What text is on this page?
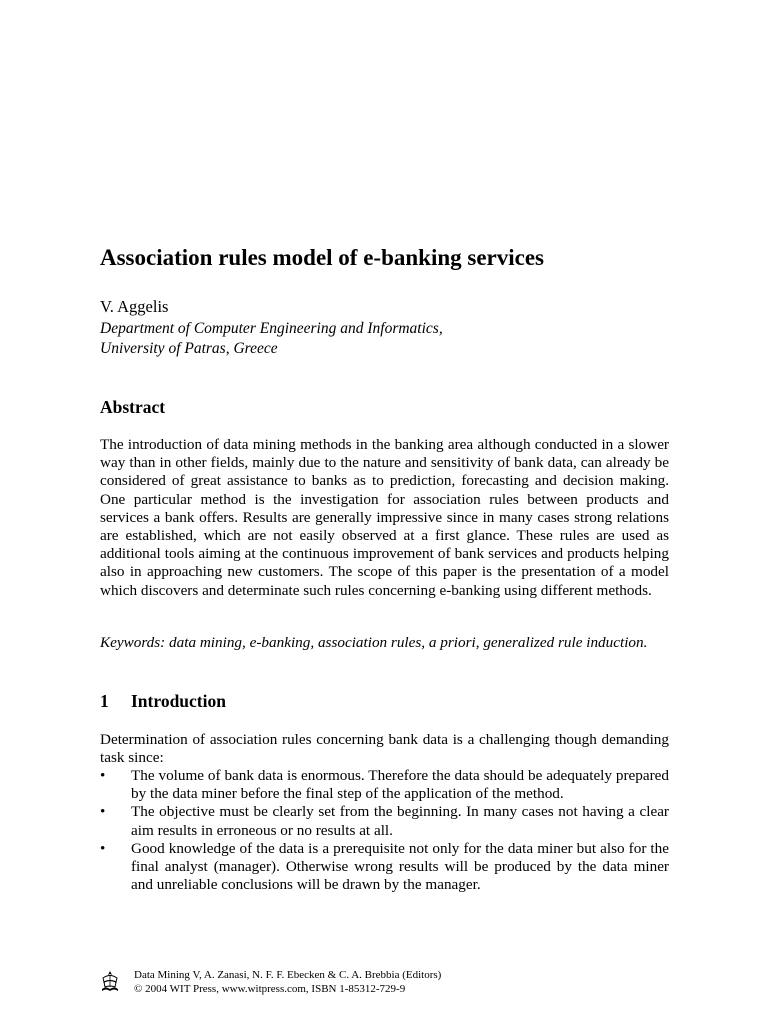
Association rules model of e-banking services

V. Aggelis

Department of Computer Engineering and Informatics,
University of Patras, Greece

Abstract

The introduction of data mining methods in the banking area although conducted in a slower way than in other fields, mainly due to the nature and sensitivity of bank data, can already be considered of great assistance to banks as to prediction, forecasting and decision making. One particular method is the investigation for association rules between products and services a bank offers. Results are generally impressive since in many cases strong relations are established, which are not easily observed at a first glance. These rules are used as additional tools aiming at the continuous improvement of bank services and products helping also in approaching new customers. The scope of this paper is the presentation of a model which discovers and determinate such rules concerning e-banking using different methods.

Keywords: data mining, e-banking, association rules, a priori, generalized rule induction.

1 Introduction

Determination of association rules concerning bank data is a challenging though demanding task since:

•	The volume of bank data is enormous. Therefore the data should be adequately prepared by the data miner before the final step of the application of the method.
•	The objective must be clearly set from the beginning. In many cases not having a clear aim results in erroneous or no results at all.
•	Good knowledge of the data is a prerequisite not only for the data miner but also for the final analyst (manager). Otherwise wrong results will be produced by the data miner and unreliable conclusions will be drawn by the manager.

Data Mining V, A. Zanasi, N. F. F. Ebecken & C. A. Brebbia (Editors)
© 2004 WIT Press, www.witpress.com, ISBN 1-85312-729-9
